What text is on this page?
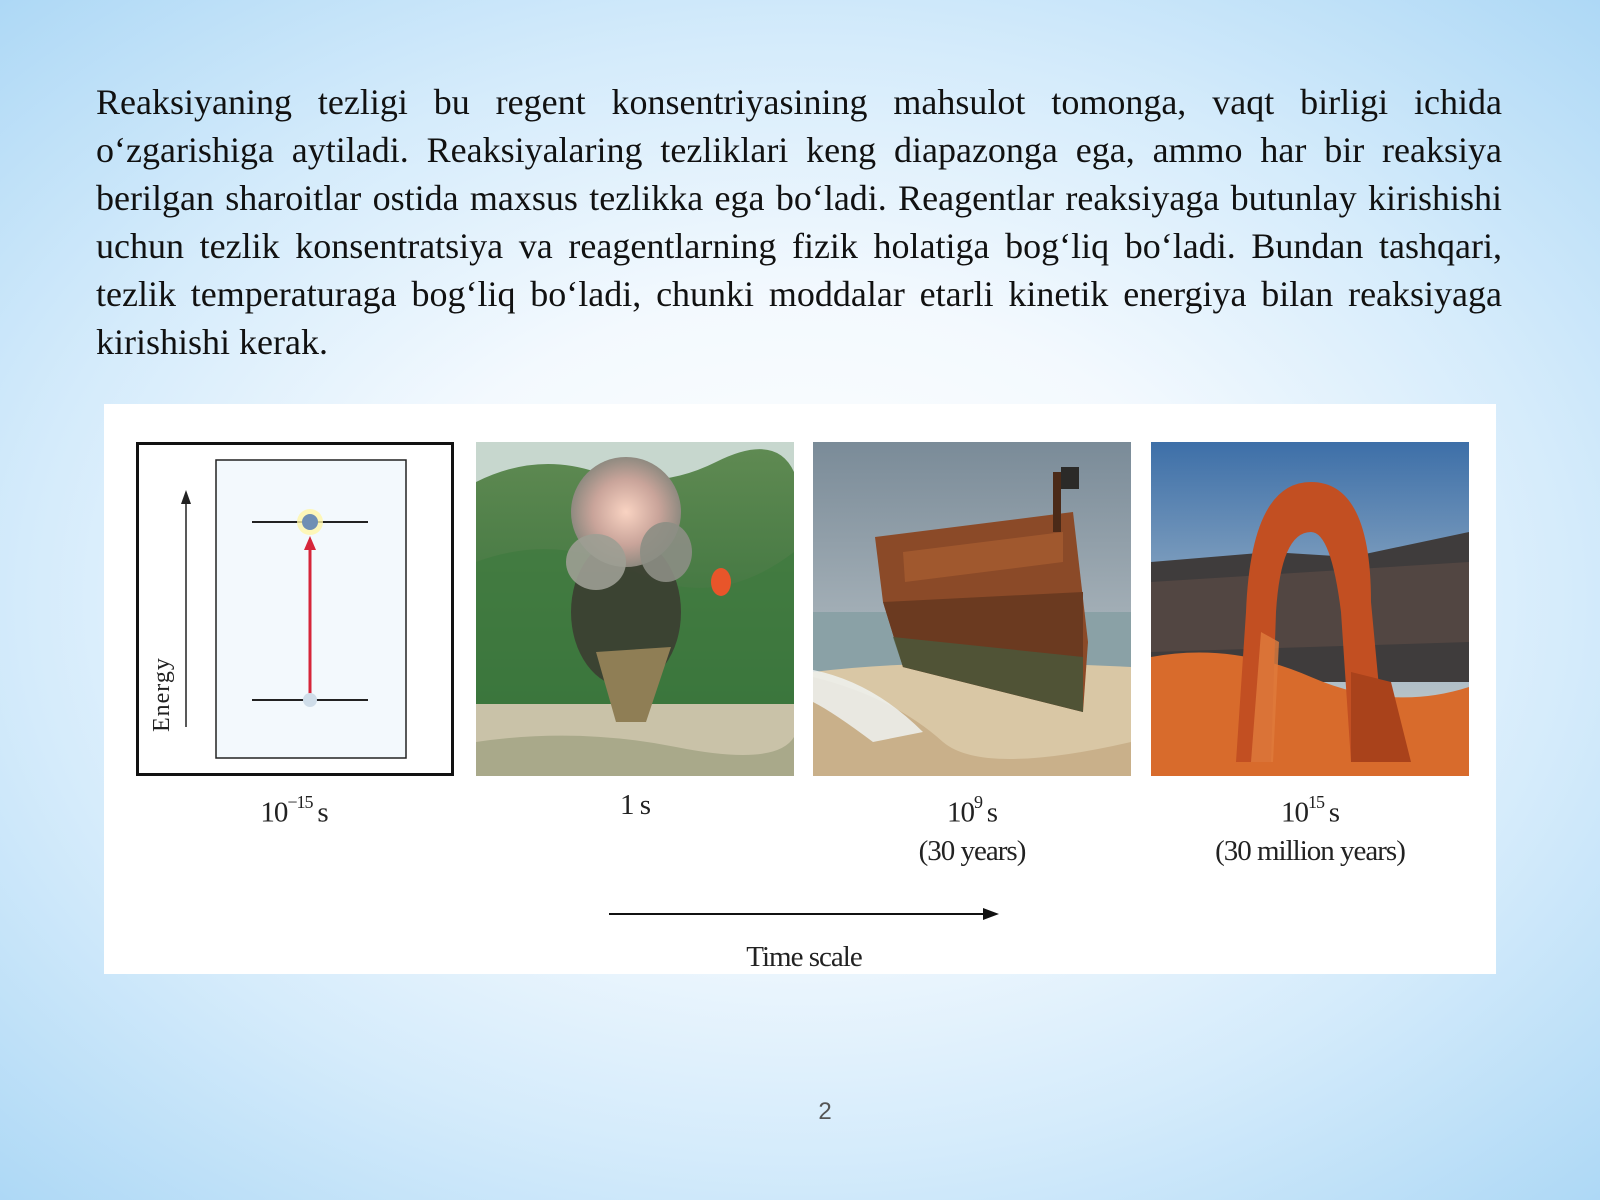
Reaksiyaning tezligi bu regent konsentriyasining mahsulot tomonga, vaqt birligi ichida o‘zgarishiga aytiladi. Reaksiyalaring tezliklari keng diapazonga ega, ammo har bir reaksiya berilgan sharoitlar ostida maxsus tezlikka ega bo‘ladi. Reagentlar reaksiyaga butunlay kirishishi uchun tezlik konsentratsiya va reagentlarning fizik holatiga bog‘liq bo‘ladi. Bundan tashqari, tezlik temperaturaga bog‘liq bo‘ladi, chunki moddalar etarli kinetik energiya bilan reaksiyaga kirishishi kerak.

Energy
$10^{-15}$  s	1 s	$10^9$  s
(30 years)
$10^{15}$  s
(30 million years)
Time scale
2
